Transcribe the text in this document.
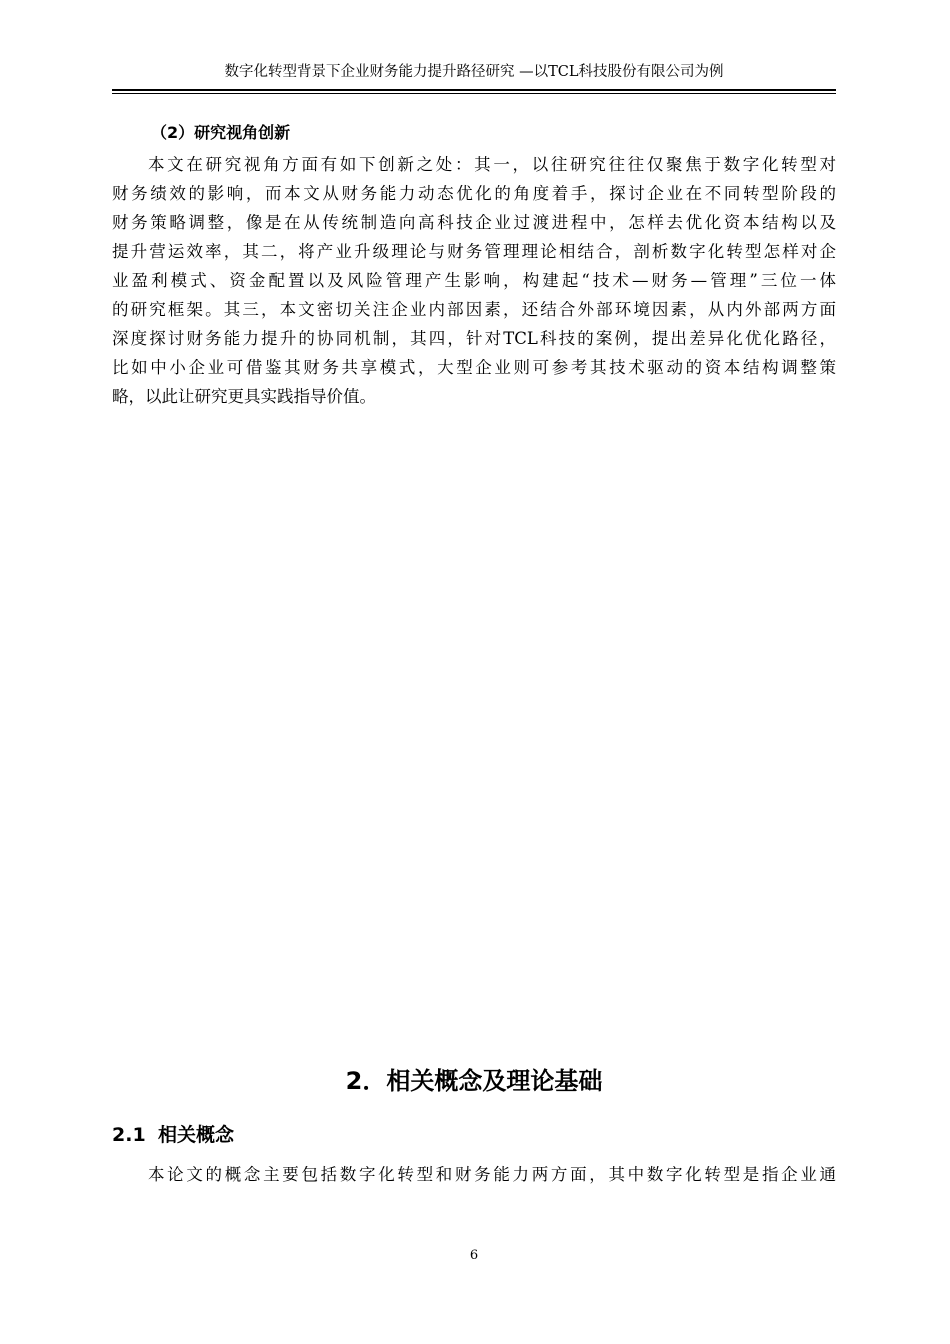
数字化转型背景下企业财务能力提升路径研究 —以TCL科技股份有限公司为例
（2）研究视角创新
本文在研究视角方面有如下创新之处：其一，以往研究往往仅聚焦于数字化转型对
财务绩效的影响，而本文从财务能力动态优化的角度着手，探讨企业在不同转型阶段的
财务策略调整，像是在从传统制造向高科技企业过渡进程中，怎样去优化资本结构以及
提升营运效率，其二，将产业升级理论与财务管理理论相结合，剖析数字化转型怎样对企
业盈利模式、资金配置以及风险管理产生影响，构建起“技术—财务—管理”三位一体
的研究框架。其三，本文密切关注企业内部因素，还结合外部环境因素，从内外部两方面
深度探讨财务能力提升的协同机制，其四，针对TCL科技的案例，提出差异化优化路径，
比如中小企业可借鉴其财务共享模式，大型企业则可参考其技术驱动的资本结构调整策
略，以此让研究更具实践指导价值。
2．相关概念及理论基础
2.1 相关概念
本论文的概念主要包括数字化转型和财务能力两方面，其中数字化转型是指企业通
6
